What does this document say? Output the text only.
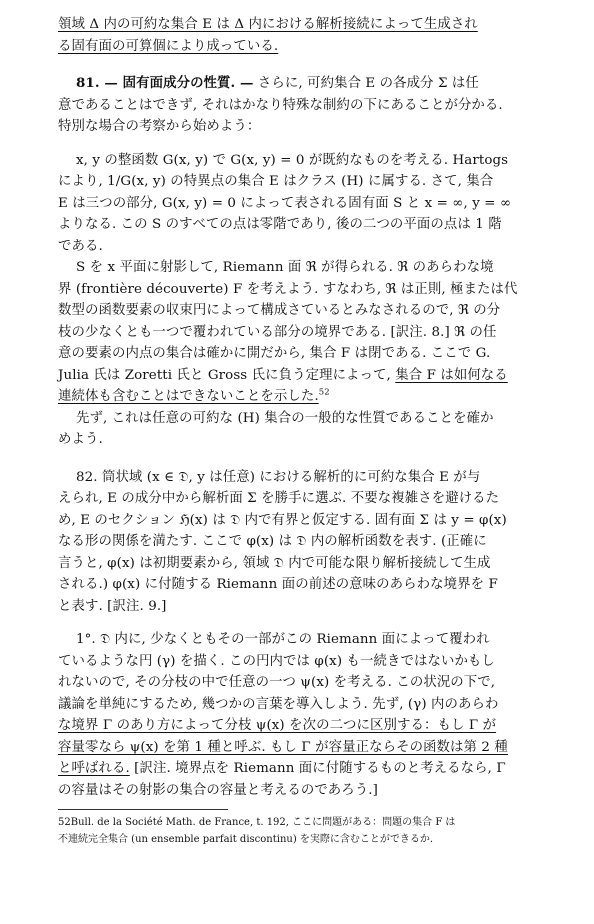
領域 Δ 内の可約な集合 E は Δ 内における解析接続によって生成され
る固有面の可算個により成っている.
81. — 固有面成分の性質. — さらに, 可約集合 E の各成分 Σ は任
意であることはできず, それはかなり特殊な制約の下にあることが分かる.
特別な場合の考察から始めよう：
x, y の整函数 G(x, y) で G(x, y) = 0 が既約なものを考える. Hartogs
により, 1/G(x, y) の特異点の集合 E はクラス (H) に属する. さて, 集合
E は三つの部分, G(x, y) = 0 によって表される固有面 S と x = ∞, y = ∞
よりなる. この S のすべての点は零階であり, 後の二つの平面の点は 1 階
である.
S を x 平面に射影して, Riemann 面 ℜ が得られる. ℜ のあらわな境
界 (frontière découverte) F を考えよう. すなわち, ℜ は正則, 極または代
数型の函数要素の収束円によって構成さているとみなされるので, ℜ の分
枝の少なくとも一つで覆われている部分の境界である. [訳注. 8.] ℜ の任
意の要素の内点の集合は確かに開だから, 集合 F は閉である. ここで G.
Julia 氏は Zoretti 氏と Gross 氏に負う定理によって, 集合 F は如何なる
連続体も含むことはできないことを示した.$^{52}$
先ず, これは任意の可約な (H) 集合の一般的な性質であることを確か
めよう.
82. 筒状域 (x ∈ 𝔇, y は任意) における解析的に可約な集合 E が与
えられ, E の成分中から解析面 Σ を勝手に選ぶ. 不要な複雑さを避けるた
め, E のセクション ℌ(x) は 𝔇 内で有界と仮定する. 固有面 Σ は y = φ(x)
なる形の関係を満たす. ここで φ(x) は 𝔇 内の解析函数を表す. (正確に
言うと, φ(x) は初期要素から, 領域 𝔇 内で可能な限り解析接続して生成
される.) φ(x) に付随する Riemann 面の前述の意味のあらわな境界を F
と表す. [訳注. 9.]
1°. 𝔇 内に, 少なくともその一部がこの Riemann 面によって覆われ
ているような円 (γ) を描く. この円内では φ(x) も一続きではないかもし
れないので, その分枝の中で任意の一つ ψ(x) を考える. この状況の下で,
議論を単純にするため, 幾つかの言葉を導入しよう. 先ず, (γ) 内のあらわ
な境界 Γ のあり方によって分枝 ψ(x) を次の二つに区別する：もし Γ が
容量零なら ψ(x) を第 1 種と呼ぶ. もし Γ が容量正ならその函数は第 2 種
と呼ばれる. [訳注. 境界点を Riemann 面に付随するものと考えるなら, Γ
の容量はその射影の集合の容量と考えるのであろう.]
52Bull. de la Société Math. de France, t. 192, ここに問題がある：問題の集合 F は
不連続完全集合 (un ensemble parfait discontinu) を実際に含むことができるか.
